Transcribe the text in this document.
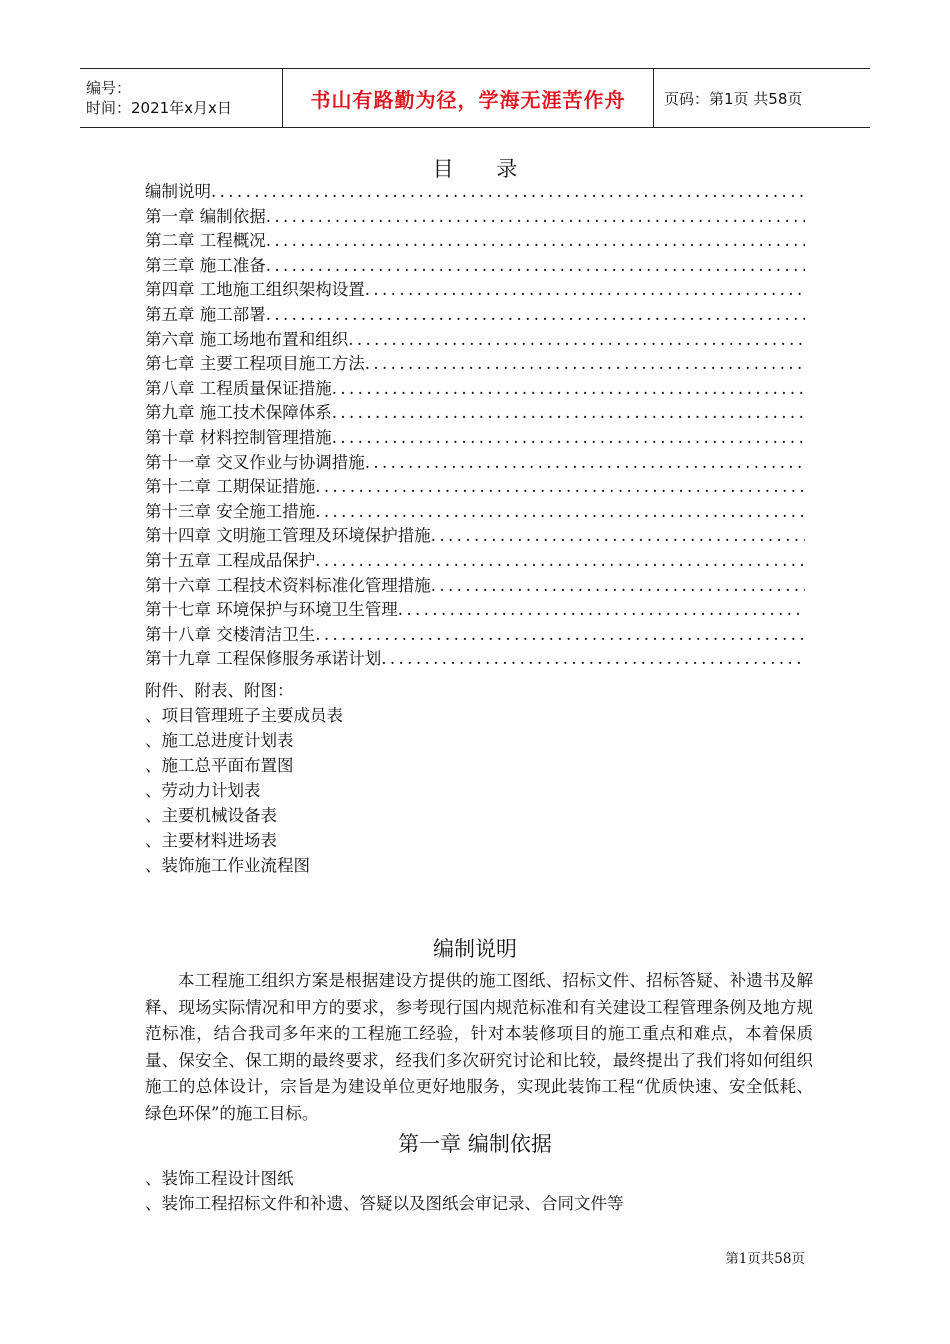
编号：
时间：2021年x月x日	书山有路勤为径，学海无涯苦作舟	页码：第1页 共58页
目 录
编制说明
.....
第一章 编制依据
.....
第二章 工程概况
.....
第三章 施工准备
.....
第四章 工地施工组织架构设置
.....
第五章 施工部署
.....
第六章 施工场地布置和组织
.....
第七章 主要工程项目施工方法
.....
第八章 工程质量保证措施
.....
第九章 施工技术保障体系
.....
第十章 材料控制管理措施
.....
第十一章 交叉作业与协调措施
.....
第十二章 工期保证措施
.....
第十三章 安全施工措施
.....
第十四章 文明施工管理及环境保护措施
.....
第十五章 工程成品保护
.....
第十六章 工程技术资料标准化管理措施
.....
第十七章 环境保护与环境卫生管理
.....
第十八章 交楼清洁卫生
.....
第十九章 工程保修服务承诺计划
.....
附件、附表、附图：
、项目管理班子主要成员表
、施工总进度计划表
、施工总平面布置图
、劳动力计划表
、主要机械设备表
、主要材料进场表
、装饰施工作业流程图
编制说明
本工程施工组织方案是根据建设方提供的施工图纸、招标文件、招标答疑、补遗书及解释、现场实际情况和甲方的要求，参考现行国内规范标准和有关建设工程管理条例及地方规范标准，结合我司多年来的工程施工经验，针对本装修项目的施工重点和难点，本着保质量、保安全、保工期的最终要求，经我们多次研究讨论和比较，最终提出了我们将如何组织施工的总体设计，宗旨是为建设单位更好地服务，实现此装饰工程“优质快速、安全低耗、绿色环保”的施工目标。
第一章 编制依据
、装饰工程设计图纸
、装饰工程招标文件和补遗、答疑以及图纸会审记录、合同文件等
第1页共58页
